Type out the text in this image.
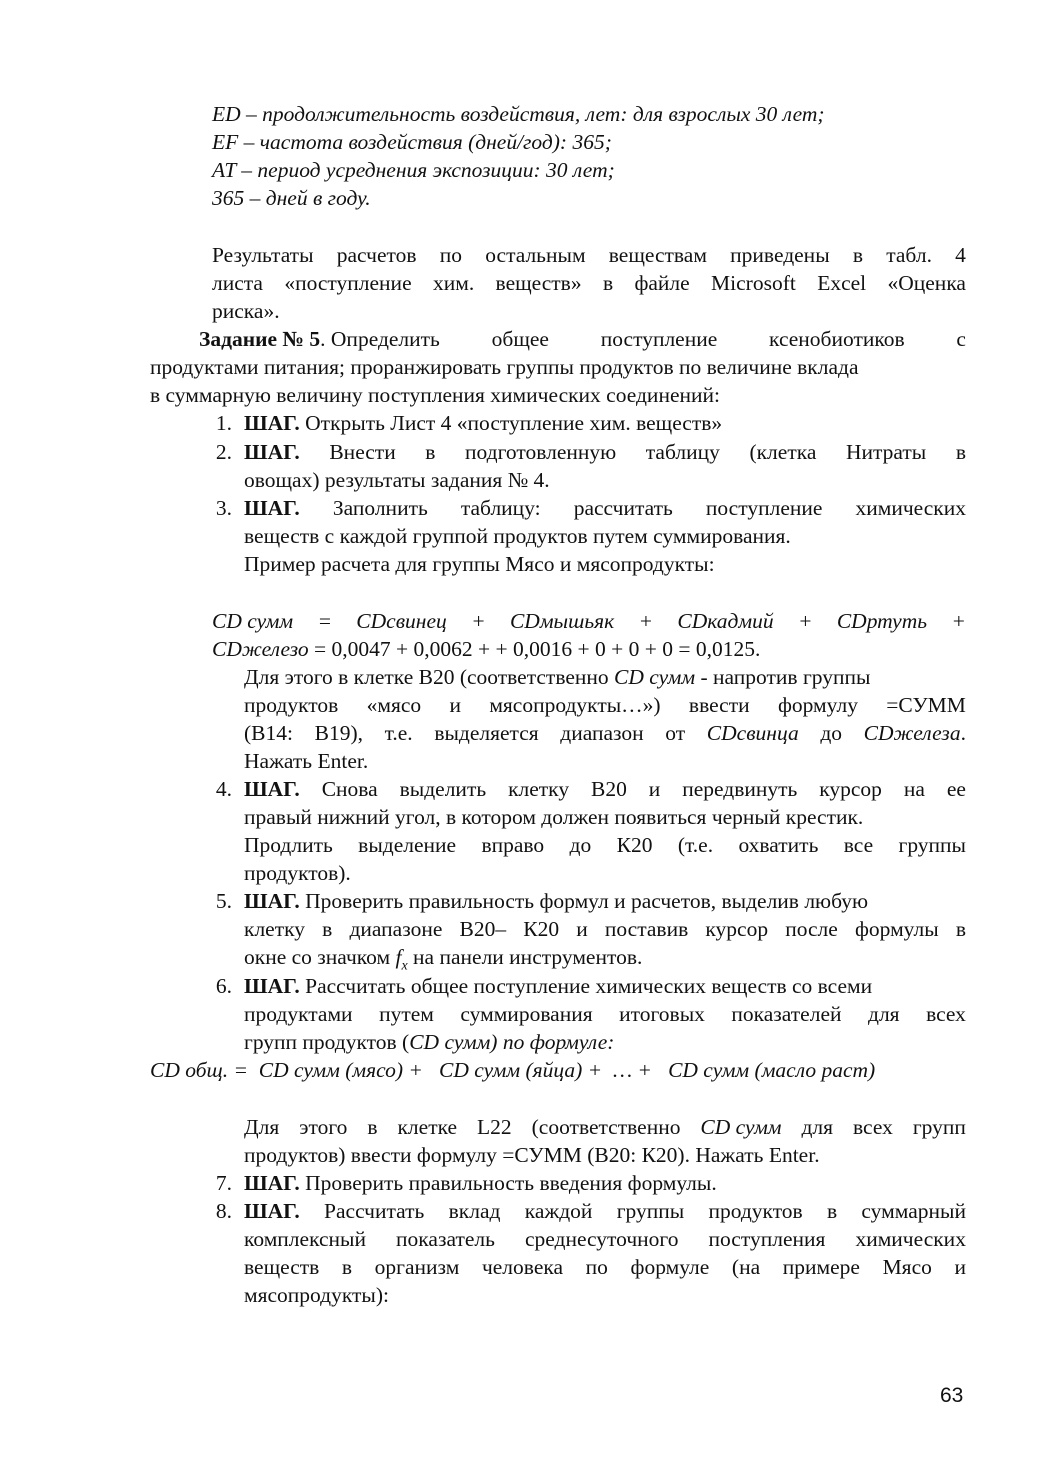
ED – продолжительность воздействия, лет: для взрослых 30 лет;
EF – частота воздействия (дней/год): 365;
AT – период усреднения экспозиции: 30 лет;
365 – дней в году.
Результаты расчетов по остальным веществам приведены в табл. 4
листа «поступление хим. веществ» в файле Microsoft Excel «Оценка
риска».
Задание № 5. Определить общее поступление ксенобиотиков с
продуктами питания; проранжировать группы продуктов по величине вклада
в суммарную величину поступления химических соединений:
1. ШАГ. Открыть Лист 4 «поступление хим. веществ»
2. ШАГ. Внести в подготовленную таблицу (клетка Нитраты в
овощах) результаты задания № 4.
3. ШАГ. Заполнить таблицу: рассчитать поступление химических
веществ с каждой группой продуктов путем суммирования.
Пример расчета для группы Мясо и мясопродукты:
CD сумм = CDсвинец + CDмышьяк + CDкадмий + CDртуть +
CDжелезо = 0,0047 + 0,0062 + + 0,0016 + 0 + 0 + 0 = 0,0125.
Для этого в клетке B20 (соответственно CD сумм - напротив группы
продуктов «мясо и мясопродукты…») ввести формулу =СУММ
(В14: В19), т.е. выделяется диапазон от CDсвинца до CDжелеза.
Нажать Enter.
4. ШАГ. Снова выделить клетку В20 и передвинуть курсор на ее
правый нижний угол, в котором должен появиться черный крестик.
Продлить выделение вправо до К20 (т.е. охватить все группы
продуктов).
5. ШАГ. Проверить правильность формул и расчетов, выделив любую
клетку в диапазоне В20– К20 и поставив курсор после формулы в
окне со значком $f_x$ на панели инструментов.
6. ШАГ. Рассчитать общее поступление химических веществ со всеми
продуктами путем суммирования итоговых показателей для всех
групп продуктов (CD сумм) по формуле:
CD общ. =  CD сумм (мясо) +   CD сумм (яйца) +  … +   CD сумм (масло раст)
Для этого в клетке L22 (соответственно CD сумм для всех групп
продуктов) ввести формулу =СУММ (В20: К20). Нажать Enter.
7. ШАГ. Проверить правильность введения формулы.
8. ШАГ. Рассчитать вклад каждой группы продуктов в суммарный
комплексный показатель среднесуточного поступления химических
веществ в организм человека по формуле (на примере Мясо и
мясопродукты):
63
